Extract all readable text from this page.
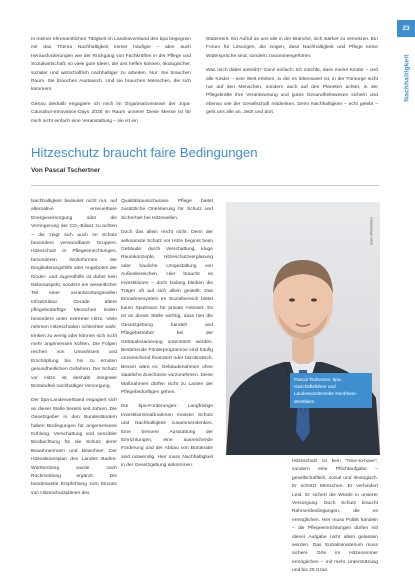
23
Nachhaltigkeit

In meiner ehrenamtlichen Tätigkeit im Landesvorstand des bpa begegnen mir das Thema Nachhaltigkeit immer häufiger – aber auch Herausforderungen wie der Rückgang von Fachkräften in der Pflege und Sozialwirtschaft: so viele gute Ideen, die uns helfen können, ökologischer, sozialer und wirtschaftlich nachhaltiger zu arbeiten. Nur: Sie brauchen Raum. Sie brauchen Austausch. Und sie brauchen Menschen, die sich kümmern.

Genau deshalb engagiere ich mich im Organisationsteam der Jopa-Causabur-Innovation-Days 2025 im Raum unserer Diese Messe ist für mich nicht einfach eine Veranstaltung – sie ist ein

Statement. Ein Aufruf an uns alle in der Branche, sich stärker zu vernetzen. Ein Forum für Lösungen, die zeigen, dass Nachhaltigkeit und Pflege keine Widersprüche sind, sondern zusammengehören.

Was mich dabei antreibt? Ganz einfach: Ich möchte, dass meine Kinder – und alle Kinder – eine Welt erleben, in der es lebenswert ist, in der Fürsorge nicht nur auf den Menschen, sondern auch auf den Planeten achtet, in der Pflegekräfte ihre Verantwortung und gutes Gesundheitswesen sichern und ebenso wie der Gesellschaft mitdenken. Denn Nachhaltigkeit – echt gelebt – geht uns alle an. Jetzt und dort.

Hitzeschutz braucht faire Bedingungen
Von Pascal Tschertner

Nachhaltigkeit bedeutet nicht nur, auf alternative erneuerbare Energieversorgung oder die Verringerung der CO₂-Bilanz zu achten – die zeigt sich auch im Schutz besonders verwundbarer Gruppen. Hitzeschutz in Pflegeeinrichtungen, besonderen Wohnformen der Eingliederungshilfe oder Angeboten der Kinder- und Jugendhilfe ist daher kein Nebenaspekt, sondern ein wesentlicher Teil einer verantwortungsvollen Infrastruktur. Gerade ältere pflegebedürftige Menschen leiden besonders unter extremer Hitze. Viele nehmen Hitzeschäden schlechter wahr, trinken zu wenig oder können sich nicht mehr angemessen kühlen. Die Folgen reichen von Unwohlsein und Erschöpfung bis hin zu ernsten gesundheitlichen Gefahren. Der Schutz vor Hitze ist deshalb integraler Bestandteil nachhaltiger Versorgung.

Der bpa-Landesverband engagiert sich an dieser Stelle bereits seit Jahren. Die Gesetzgeber in den Bundesländern haben Bedingungen für angemessene Kühlung, Verschattung und sensibler Beobachtung für die Schutz derer Bewohnerinnen und Bewohner. Der Hitzeaktionsplan des Landes Baden-Württemberg wurde nach Rückmeldung ergänzt. Die bundesweite Empfehlung zum Einsatz von Hitzeschutzplänen des

Qualitätsausschusses Pflege bietet zusätzliche Orientierung für Schutz und Sicherheit bei Hitzewellen.

Doch das allein reicht nicht. Denn der wirksamste Schutz vor Hitze beginnt beim Gebäude: durch Verschattung, kluge Raumkonzepte, Hitzeschutzverglasung oder bauliche Umgestaltung von Außenbereichen. Hier braucht es Investitionen – doch bislang bleiben die Träger oft auf sich allein gestellt. Das Einnahmesystem im Sozialbereich bietet kaum Spielraum für private Anbieter. Es ist an dieser Stelle wichtig, dass hier die Gesetzgebung handelt und Pflegebetreiber bei der Gebäudesanierung unterstützt werden. Bestehende Förderprogramme sind häufig unzureichend finanziert oder bürokratisch. Besser wäre es, Gebäudenahmen ohne staatliche Zuschüsse vorzunehmen. Diese Maßnahmen dürfen nicht zu Lasten der Pflegebedürftigen gehen.

Die bpa-Forderungen: Langfristige Investitionsmaßnahmen müssen Schutz und Nachhaltigkeit zusammendenken. Eine bessere Ausstattung der Einrichtungen, eine ausreichende Förderung und der Abbau von Bürokratie sind notwendig. Hier muss Nachhaltigkeit in der Gesetzgebung ankommen.

Ewe Wohlleben
Pascal Tschertner, bpa-Geschäftsführer und Landesvorsitzender Nordrhein-Westfalen

Hitzeschutz ist kein "Nice-to-have", sondern eine Pflichtaufgabe – gesellschaftlich, sozial und ökologisch. Er schützt Menschen. Er verhindert Leid. Er sichert die Würde in unserer Versorgung. Doch Schutz braucht Rahmenbedingungen, die es ermöglichen. Hier muss Politik handeln – die Pflegeeinrichtungen dürfen mit dieser Aufgabe nicht allein gelassen werden. Das Sozialministerium muss sichere Orte im Hitzesommer ermöglichen – mit mehr Unterstützung und bis 25 Grad.
